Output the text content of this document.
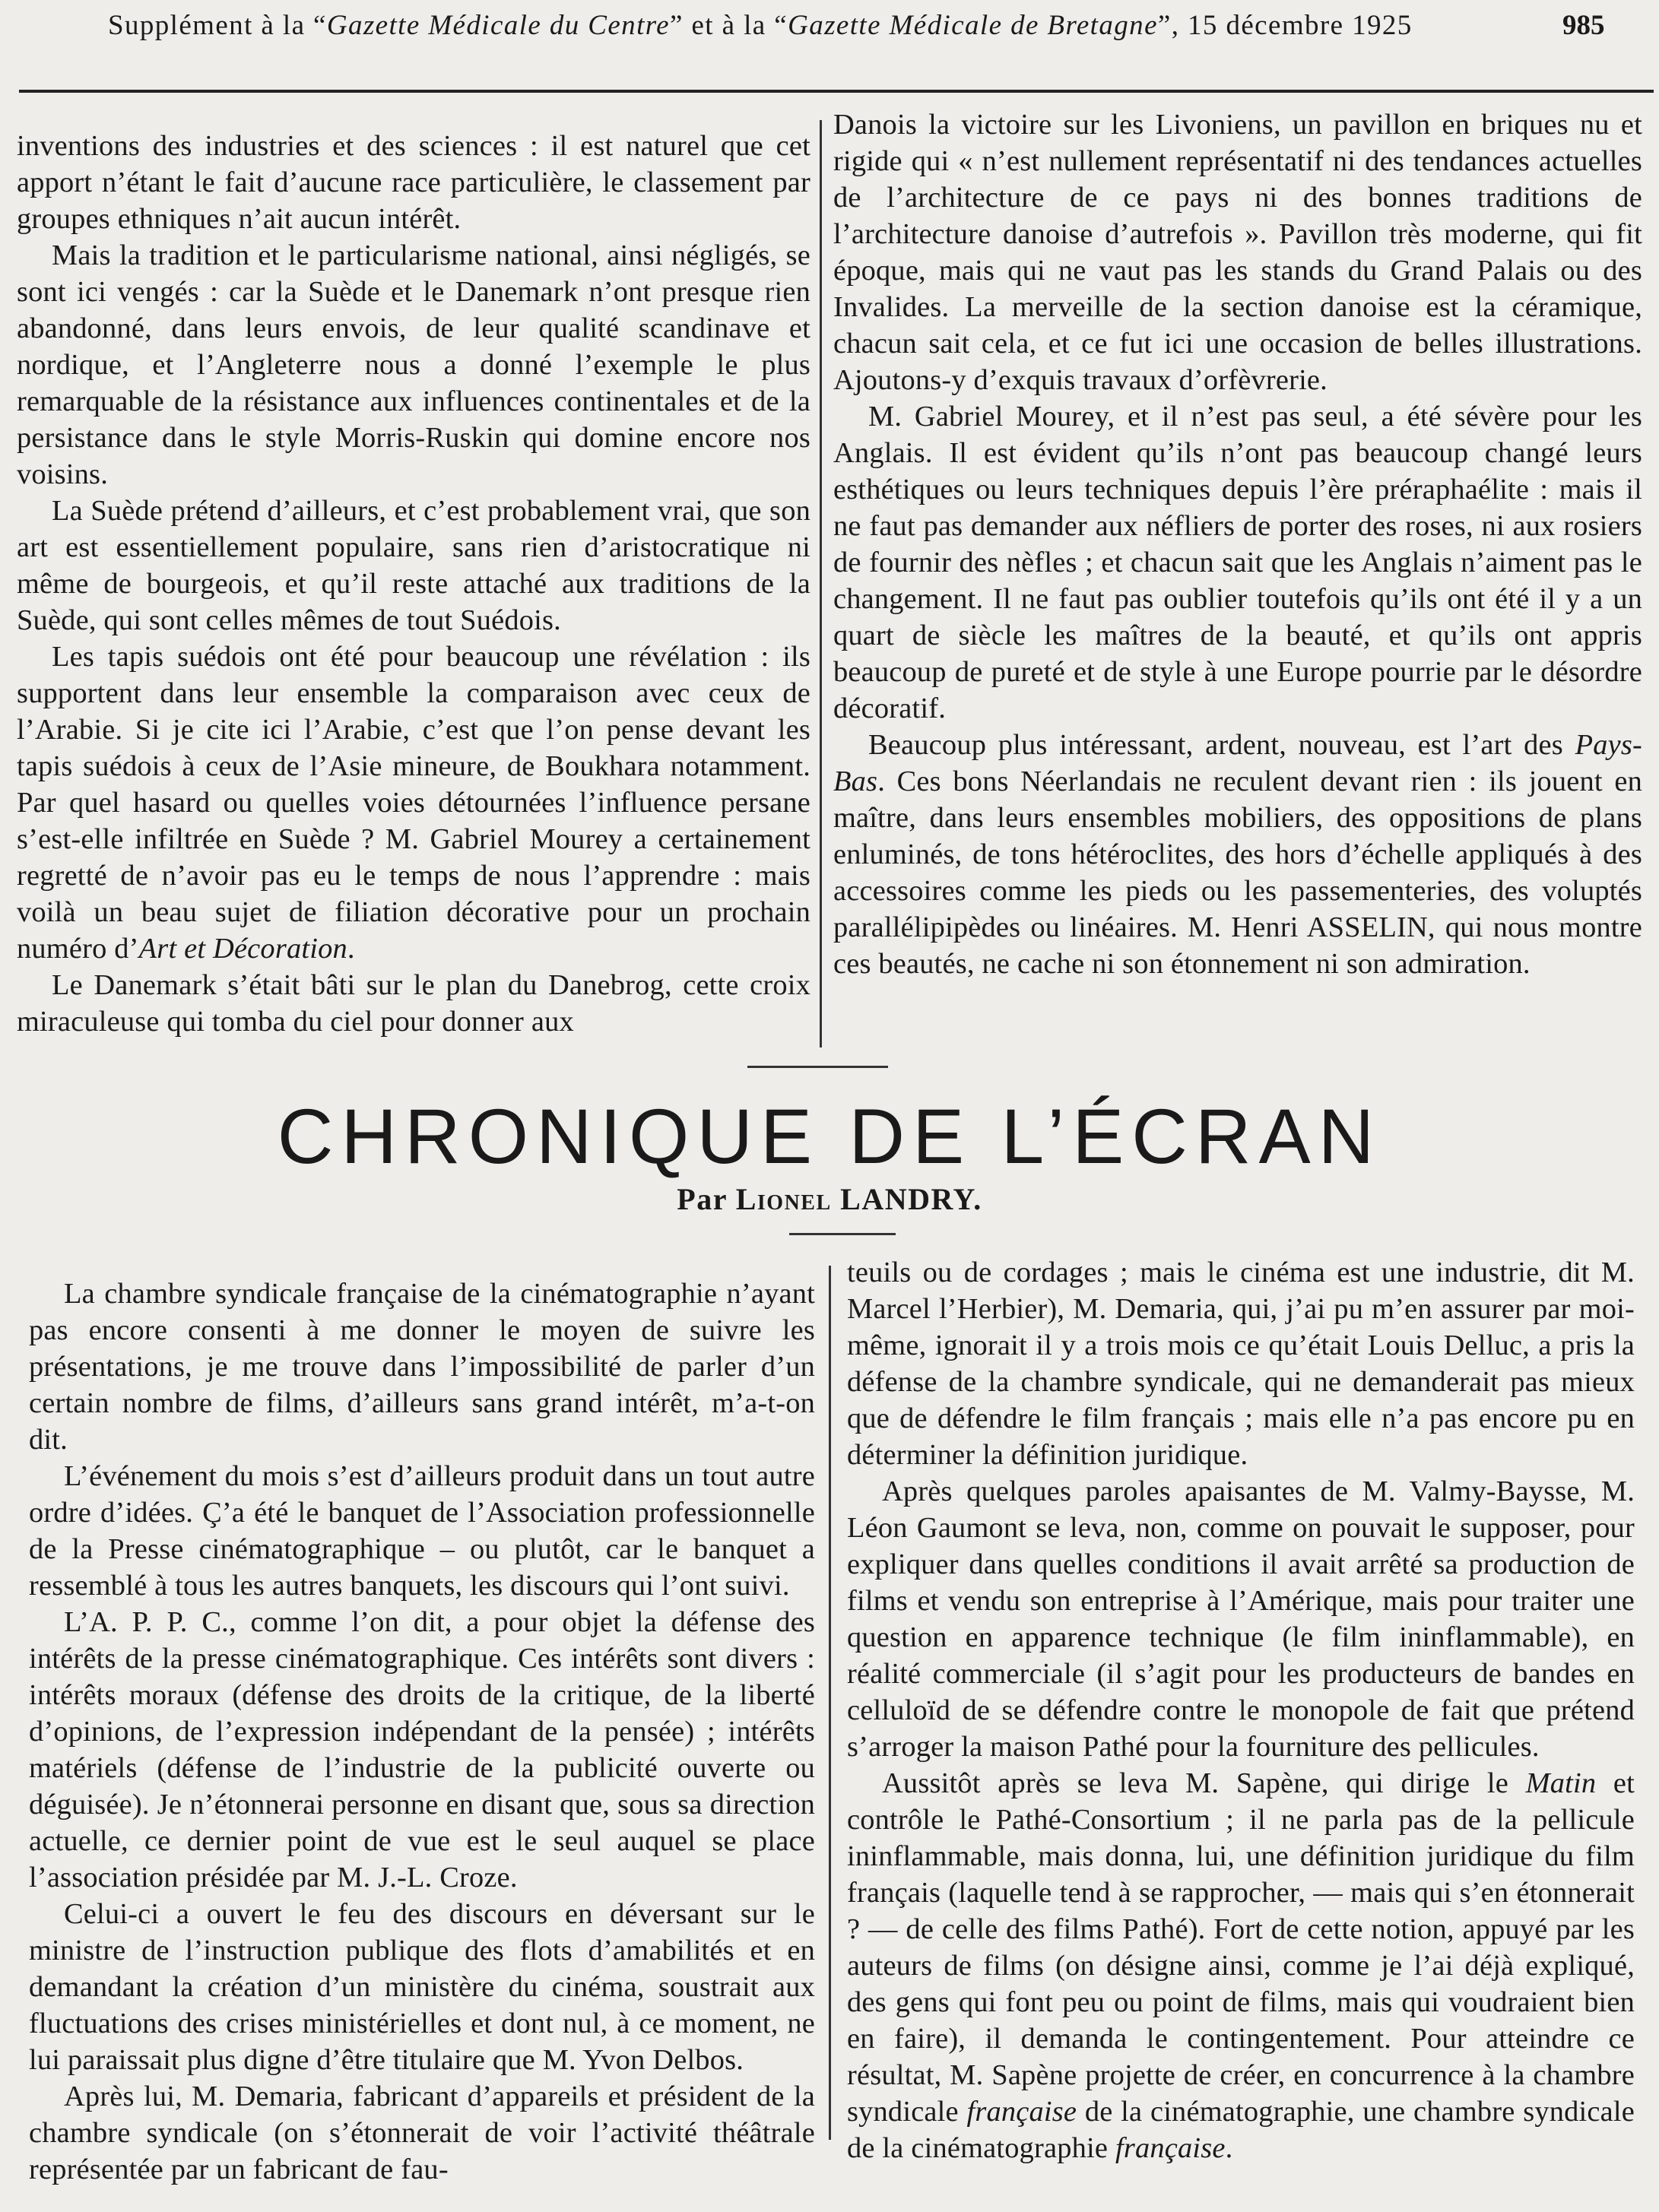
Supplément à la “Gazette Médicale du Centre” et à la “Gazette Médicale de Bretagne”, 15 décembre 1925	985

inventions des industries et des sciences : il est naturel que cet apport n’étant le fait d’aucune race particulière, le classement par groupes ethniques n’ait aucun intérêt.

Mais la tradition et le particularisme national, ainsi négligés, se sont ici vengés : car la Suède et le Danemark n’ont presque rien abandonné, dans leurs envois, de leur qualité scandinave et nordique, et l’Angleterre nous a donné l’exemple le plus remarquable de la résistance aux influences continentales et de la persistance dans le style Morris-Ruskin qui domine encore nos voisins.

La Suède prétend d’ailleurs, et c’est probablement vrai, que son art est essentiellement populaire, sans rien d’aristocratique ni même de bourgeois, et qu’il reste attaché aux traditions de la Suède, qui sont celles mêmes de tout Suédois.

Les tapis suédois ont été pour beaucoup une révélation : ils supportent dans leur ensemble la comparaison avec ceux de l’Arabie. Si je cite ici l’Arabie, c’est que l’on pense devant les tapis suédois à ceux de l’Asie mineure, de Boukhara notamment. Par quel hasard ou quelles voies détournées l’influence persane s’est-elle infiltrée en Suède ? M. Gabriel Mourey a certainement regretté de n’avoir pas eu le temps de nous l’apprendre : mais voilà un beau sujet de filiation décorative pour un prochain numéro d’Art et Décoration.

Le Danemark s’était bâti sur le plan du Danebrog, cette croix miraculeuse qui tomba du ciel pour donner aux

Danois la victoire sur les Livoniens, un pavillon en briques nu et rigide qui « n’est nullement représentatif ni des tendances actuelles de l’architecture de ce pays ni des bonnes traditions de l’architecture danoise d’autrefois ». Pavillon très moderne, qui fit époque, mais qui ne vaut pas les stands du Grand Palais ou des Invalides. La merveille de la section danoise est la céramique, chacun sait cela, et ce fut ici une occasion de belles illustrations. Ajoutons-y d’exquis travaux d’orfèvrerie.

M. Gabriel Mourey, et il n’est pas seul, a été sévère pour les Anglais. Il est évident qu’ils n’ont pas beaucoup changé leurs esthétiques ou leurs techniques depuis l’ère préraphaélite : mais il ne faut pas demander aux néfliers de porter des roses, ni aux rosiers de fournir des nèfles ; et chacun sait que les Anglais n’aiment pas le changement. Il ne faut pas oublier toutefois qu’ils ont été il y a un quart de siècle les maîtres de la beauté, et qu’ils ont appris beaucoup de pureté et de style à une Europe pourrie par le désordre décoratif.

Beaucoup plus intéressant, ardent, nouveau, est l’art des Pays-Bas. Ces bons Néerlandais ne reculent devant rien : ils jouent en maître, dans leurs ensembles mobiliers, des oppositions de plans enluminés, de tons hétéroclites, des hors d’échelle appliqués à des accessoires comme les pieds ou les passementeries, des voluptés parallélipipèdes ou linéaires. M. Henri ASSELIN, qui nous montre ces beautés, ne cache ni son étonnement ni son admiration.

CHRONIQUE DE L’ÉCRAN
Par Lionel LANDRY.

La chambre syndicale française de la cinématographie n’ayant pas encore consenti à me donner le moyen de suivre les présentations, je me trouve dans l’impossibilité de parler d’un certain nombre de films, d’ailleurs sans grand intérêt, m’a-t-on dit.

L’événement du mois s’est d’ailleurs produit dans un tout autre ordre d’idées. Ç’a été le banquet de l’Association professionnelle de la Presse cinématographique – ou plutôt, car le banquet a ressemblé à tous les autres banquets, les discours qui l’ont suivi.

L’A. P. P. C., comme l’on dit, a pour objet la défense des intérêts de la presse cinématographique. Ces intérêts sont divers : intérêts moraux (défense des droits de la critique, de la liberté d’opinions, de l’expression indépendant de la pensée) ; intérêts matériels (défense de l’industrie de la publicité ouverte ou déguisée). Je n’étonnerai personne en disant que, sous sa direction actuelle, ce dernier point de vue est le seul auquel se place l’association présidée par M. J.-L. Croze.

Celui-ci a ouvert le feu des discours en déversant sur le ministre de l’instruction publique des flots d’amabilités et en demandant la création d’un ministère du cinéma, soustrait aux fluctuations des crises ministérielles et dont nul, à ce moment, ne lui paraissait plus digne d’être titulaire que M. Yvon Delbos.

Après lui, M. Demaria, fabricant d’appareils et président de la chambre syndicale (on s’étonnerait de voir l’activité théâtrale représentée par un fabricant de fau-

teuils ou de cordages ; mais le cinéma est une industrie, dit M. Marcel l’Herbier), M. Demaria, qui, j’ai pu m’en assurer par moi-même, ignorait il y a trois mois ce qu’était Louis Delluc, a pris la défense de la chambre syndicale, qui ne demanderait pas mieux que de défendre le film français ; mais elle n’a pas encore pu en déterminer la définition juridique.

Après quelques paroles apaisantes de M. Valmy-Baysse, M. Léon Gaumont se leva, non, comme on pouvait le supposer, pour expliquer dans quelles conditions il avait arrêté sa production de films et vendu son entreprise à l’Amérique, mais pour traiter une question en apparence technique (le film ininflammable), en réalité commerciale (il s’agit pour les producteurs de bandes en celluloïd de se défendre contre le monopole de fait que prétend s’arroger la maison Pathé pour la fourniture des pellicules.

Aussitôt après se leva M. Sapène, qui dirige le Matin et contrôle le Pathé-Consortium ; il ne parla pas de la pellicule ininflammable, mais donna, lui, une définition juridique du film français (laquelle tend à se rapprocher, — mais qui s’en étonnerait ? — de celle des films Pathé). Fort de cette notion, appuyé par les auteurs de films (on désigne ainsi, comme je l’ai déjà expliqué, des gens qui font peu ou point de films, mais qui voudraient bien en faire), il demanda le contingentement. Pour atteindre ce résultat, M. Sapène projette de créer, en concurrence à la chambre syndicale française de la cinématographie, une chambre syndicale de la cinématographie française.
